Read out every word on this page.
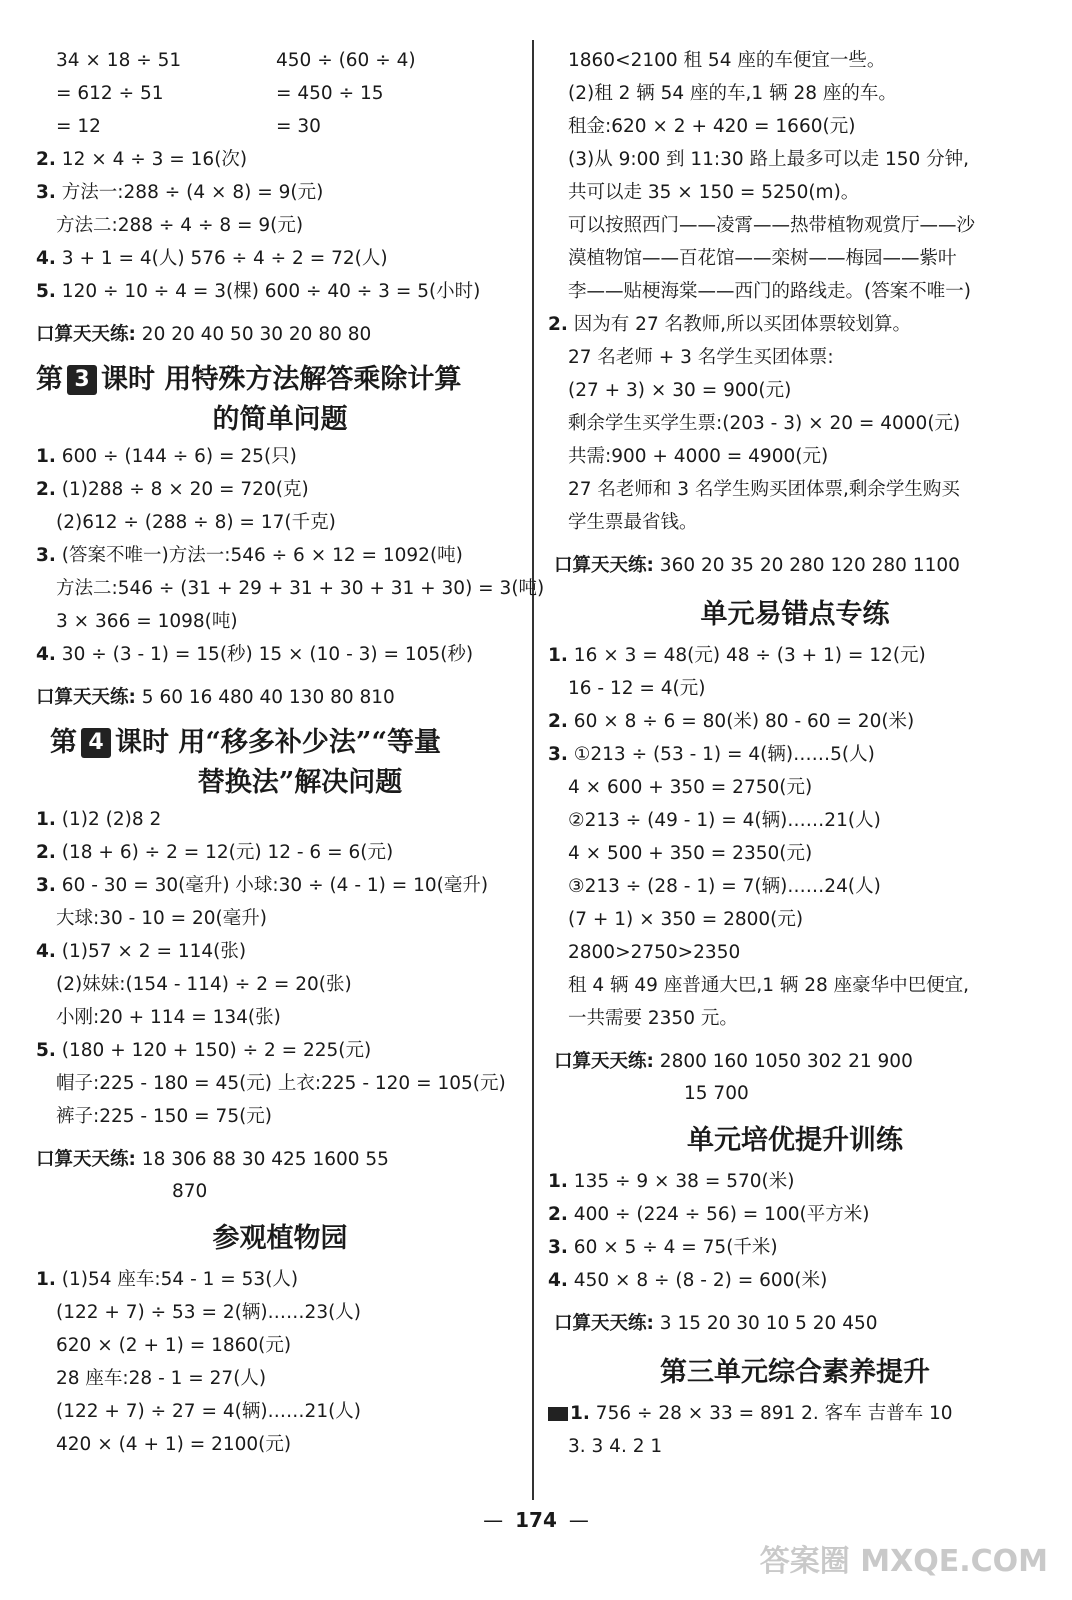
34 × 18 ÷ 51	450 ÷ (60 ÷ 4)
= 612 ÷ 51	= 450 ÷ 15
= 12	= 30
2. 12 × 4 ÷ 3 = 16(次)
3. 方法一:288 ÷ (4 × 8) = 9(元)
方法二:288 ÷ 4 ÷ 8 = 9(元)
4. 3 + 1 = 4(人) 576 ÷ 4 ÷ 2 = 72(人)
5. 120 ÷ 10 ÷ 4 = 3(棵) 600 ÷ 40 ÷ 3 = 5(小时)
口算天天练: 20 20 40 50 30 20 80 80
第 3 课时 用特殊方法解答乘除计算
的简单问题
1. 600 ÷ (144 ÷ 6) = 25(只)
2. (1)288 ÷ 8 × 20 = 720(克)
(2)612 ÷ (288 ÷ 8) = 17(千克)
3. (答案不唯一)方法一:546 ÷ 6 × 12 = 1092(吨)
方法二:546 ÷ (31 + 29 + 31 + 30 + 31 + 30) = 3(吨)
3 × 366 = 1098(吨)
4. 30 ÷ (3 - 1) = 15(秒) 15 × (10 - 3) = 105(秒)
口算天天练: 5 60 16 480 40 130 80 810
第 4 课时 用“移多补少法”“等量
替换法”解决问题
1. (1)2 (2)8 2
2. (18 + 6) ÷ 2 = 12(元) 12 - 6 = 6(元)
3. 60 - 30 = 30(毫升) 小球:30 ÷ (4 - 1) = 10(毫升)
大球:30 - 10 = 20(毫升)
4. (1)57 × 2 = 114(张)
(2)妹妹:(154 - 114) ÷ 2 = 20(张)
小刚:20 + 114 = 134(张)
5. (180 + 120 + 150) ÷ 2 = 225(元)
帽子:225 - 180 = 45(元) 上衣:225 - 120 = 105(元)
裤子:225 - 150 = 75(元)
口算天天练: 18 306 88 30 425 1600 55
870
参观植物园
1. (1)54 座车:54 - 1 = 53(人)
(122 + 7) ÷ 53 = 2(辆)……23(人)
620 × (2 + 1) = 1860(元)
28 座车:28 - 1 = 27(人)
(122 + 7) ÷ 27 = 4(辆)……21(人)
420 × (4 + 1) = 2100(元)
1860<2100 租 54 座的车便宜一些。
(2)租 2 辆 54 座的车,1 辆 28 座的车。
租金:620 × 2 + 420 = 1660(元)
(3)从 9:00 到 11:30 路上最多可以走 150 分钟,
共可以走 35 × 150 = 5250(m)。
可以按照西门——凌霄——热带植物观赏厅——沙
漠植物馆——百花馆——栾树——梅园——紫叶
李——贴梗海棠——西门的路线走。(答案不唯一)
2. 因为有 27 名教师,所以买团体票较划算。
27 名老师 + 3 名学生买团体票:
(27 + 3) × 30 = 900(元)
剩余学生买学生票:(203 - 3) × 20 = 4000(元)
共需:900 + 4000 = 4900(元)
27 名老师和 3 名学生购买团体票,剩余学生购买
学生票最省钱。
口算天天练: 360 20 35 20 280 120 280 1100
单元易错点专练
1. 16 × 3 = 48(元) 48 ÷ (3 + 1) = 12(元)
16 - 12 = 4(元)
2. 60 × 8 ÷ 6 = 80(米) 80 - 60 = 20(米)
3. ①213 ÷ (53 - 1) = 4(辆)……5(人)
4 × 600 + 350 = 2750(元)
②213 ÷ (49 - 1) = 4(辆)……21(人)
4 × 500 + 350 = 2350(元)
③213 ÷ (28 - 1) = 7(辆)……24(人)
(7 + 1) × 350 = 2800(元)
2800>2750>2350
租 4 辆 49 座普通大巴,1 辆 28 座豪华中巴便宜,
一共需要 2350 元。
口算天天练: 2800 160 1050 302 21 900
15 700
单元培优提升训练
1. 135 ÷ 9 × 38 = 570(米)
2. 400 ÷ (224 ÷ 56) = 100(平方米)
3. 60 × 5 ÷ 4 = 75(千米)
4. 450 × 8 ÷ (8 - 2) = 600(米)
口算天天练: 3 15 20 30 10 5 20 450
第三单元综合素养提升
1. 756 ÷ 28 × 33 = 891 2. 客车 吉普车 10
3. 3 4. 2 1
— 174 —
答案圈 MXQE.COM
